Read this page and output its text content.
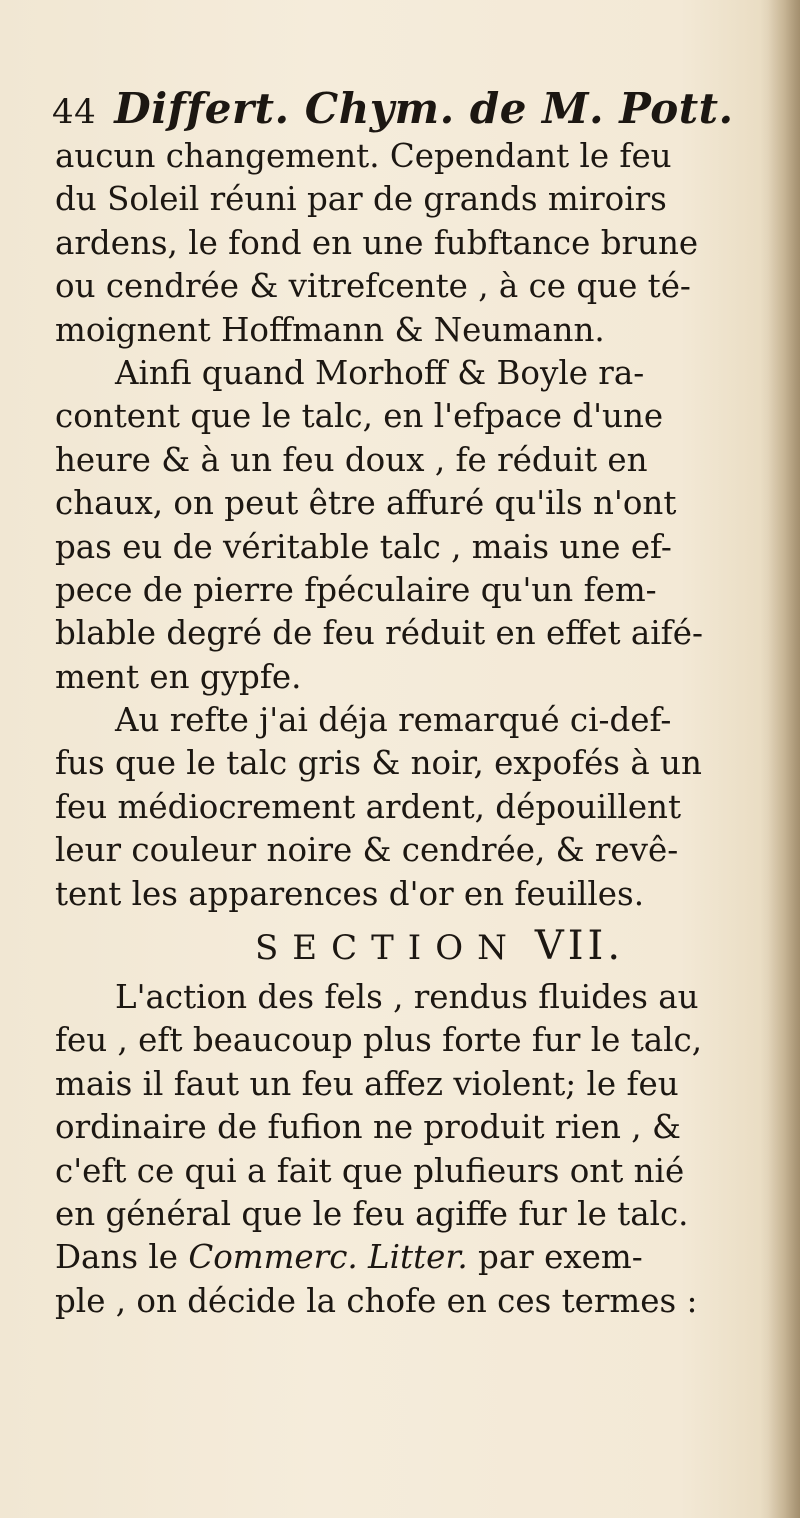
44 Differt. Chym. de M. Pott.
aucun changement. Cependant le feu
du Soleil réuni par de grands miroirs
ardens, le fond en une fubftance brune
ou cendrée & vitrefcente , à ce que té-
moignent Hoffmann & Neumann.
Ainfi quand Morhoff & Boyle ra-
content que le talc, en l'efpace d'une
heure & à un feu doux , fe réduit en
chaux, on peut être affuré qu'ils n'ont
pas eu de véritable talc , mais une ef-
pece de pierre fpéculaire qu'un fem-
blable degré de feu réduit en effet aifé-
ment en gypfe.
Au refte j'ai déja remarqué ci-def-
fus que le talc gris & noir, expofés à un
feu médiocrement ardent, dépouillent
leur couleur noire & cendrée, & revê-
tent les apparences d'or en feuilles.
SECTION VII.
L'action des fels , rendus fluides au
feu , eft beaucoup plus forte fur le talc,
mais il faut un feu affez violent; le feu
ordinaire de fufion ne produit rien , &
c'eft ce qui a fait que plufieurs ont nié
en général que le feu agiffe fur le talc.
Dans le Commerc. Litter. par exem-
ple , on décide la chofe en ces termes :
